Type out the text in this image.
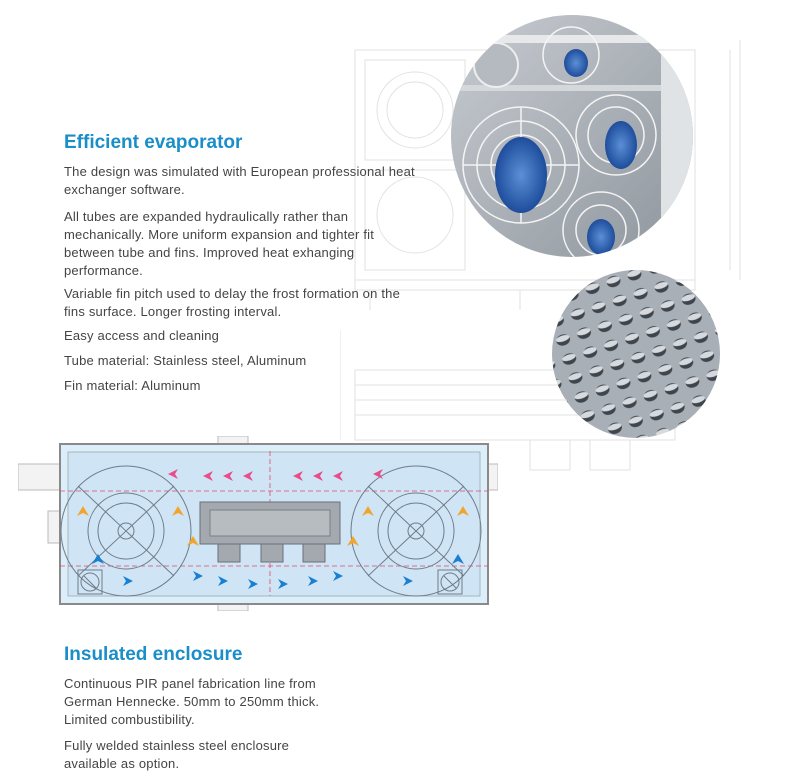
Efficient evaporator

The design was simulated with European professional heat exchanger software.

All tubes are expanded hydraulically rather than mechanically. More uniform expansion and tighter fit between tube and fins. Improved heat exhanging performance.

Variable fin pitch used to delay the frost formation on the fins surface. Longer frosting interval.

Easy access and cleaning

Tube material: Stainless steel, Aluminum

Fin material: Aluminum

Insulated enclosure

Continuous PIR panel fabrication line from German Hennecke. 50mm to 250mm thick. Limited combustibility.

Fully welded stainless steel enclosure available as option.
